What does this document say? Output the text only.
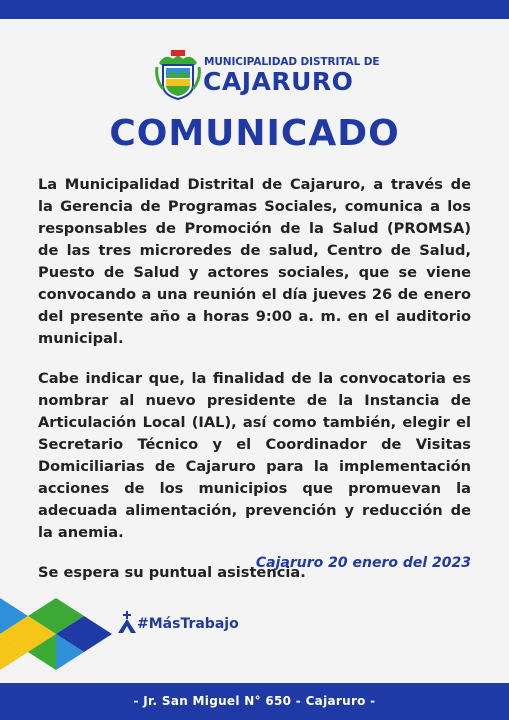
MUNICIPALIDAD DISTRITAL DE
CAJARURO
COMUNICADO

La Municipalidad Distrital de Cajaruro, a través de la Gerencia de Programas Sociales, comunica a los responsables de Promoción de la Salud (PROMSA) de las tres microredes de salud, Centro de Salud, Puesto de Salud y actores sociales, que se viene convocando a una reunión el día jueves 26 de enero del presente año a horas 9:00 a. m. en el auditorio municipal.

Cabe indicar que, la finalidad de la convocatoria es nombrar al nuevo presidente de la Instancia de Articulación Local (IAL), así como también, elegir el Secretario Técnico y el Coordinador de Visitas Domiciliarias de Cajaruro para la implementación acciones de los municipios que promuevan la adecuada alimentación, prevención y reducción de la anemia.

Se espera su puntual asistencia.

Cajaruro 20 enero del 2023
#MásTrabajo
- Jr. San Miguel N° 650 - Cajaruro -
